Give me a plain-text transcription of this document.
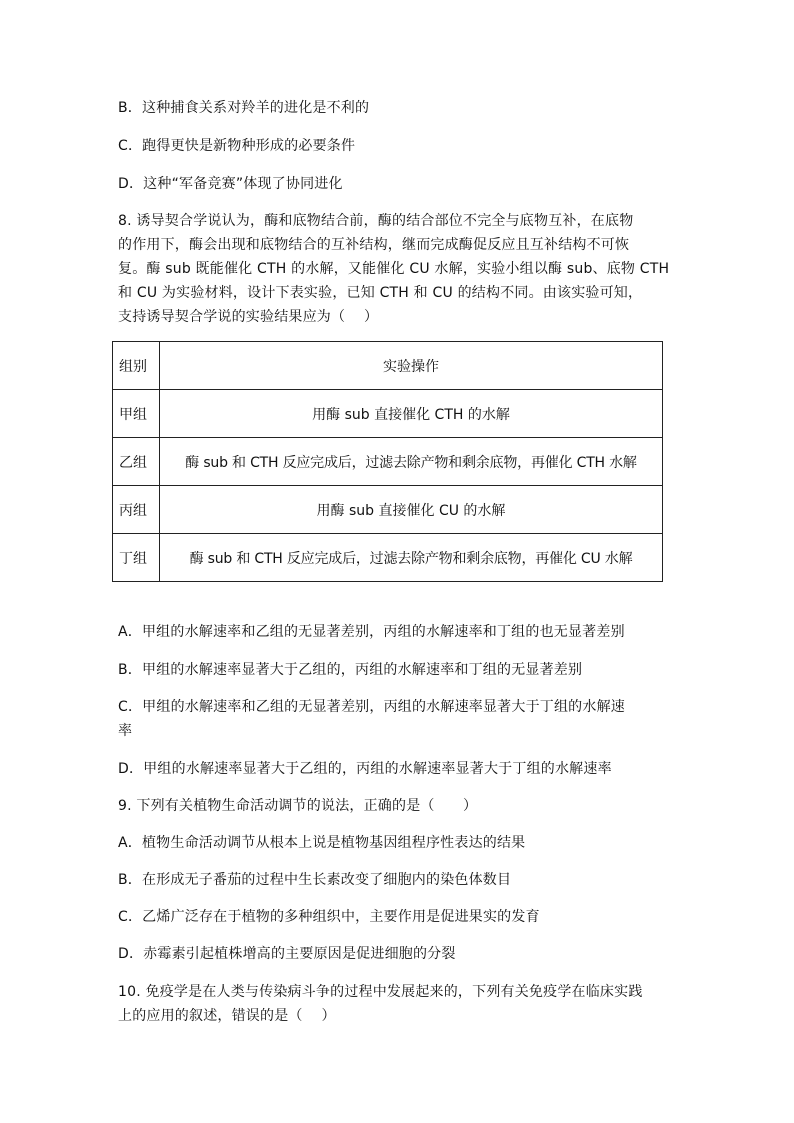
B．这种捕食关系对羚羊的进化是不利的
C．跑得更快是新物种形成的必要条件
D．这种“军备竞赛”体现了协同进化
8. 诱导契合学说认为，酶和底物结合前，酶的结合部位不完全与底物互补，在底物
的作用下，酶会出现和底物结合的互补结构，继而完成酶促反应且互补结构不可恢
复。酶 sub 既能催化 CTH 的水解，又能催化 CU 水解，实验小组以酶 sub、底物 CTH
和 CU 为实验材料，设计下表实验，已知 CTH 和 CU 的结构不同。由该实验可知，
支持诱导契合学说的实验结果应为（　 ）
组别	实验操作
甲组	用酶 sub 直接催化 CTH 的水解
乙组	酶 sub 和 CTH 反应完成后，过滤去除产物和剩余底物，再催化 CTH 水解
丙组	用酶 sub 直接催化 CU 的水解
丁组	酶 sub 和 CTH 反应完成后，过滤去除产物和剩余底物，再催化 CU 水解
A．甲组的水解速率和乙组的无显著差别，丙组的水解速率和丁组的也无显著差别
B．甲组的水解速率显著大于乙组的，丙组的水解速率和丁组的无显著差别
C．甲组的水解速率和乙组的无显著差别，丙组的水解速率显著大于丁组的水解速
率
D．甲组的水解速率显著大于乙组的，丙组的水解速率显著大于丁组的水解速率
9. 下列有关植物生命活动调节的说法，正确的是（　　）
A．植物生命活动调节从根本上说是植物基因组程序性表达的结果
B．在形成无子番茄的过程中生长素改变了细胞内的染色体数目
C．乙烯广泛存在于植物的多种组织中，主要作用是促进果实的发育
D．赤霉素引起植株增高的主要原因是促进细胞的分裂
10. 免疫学是在人类与传染病斗争的过程中发展起来的，下列有关免疫学在临床实践
上的应用的叙述，错误的是（　 ）
